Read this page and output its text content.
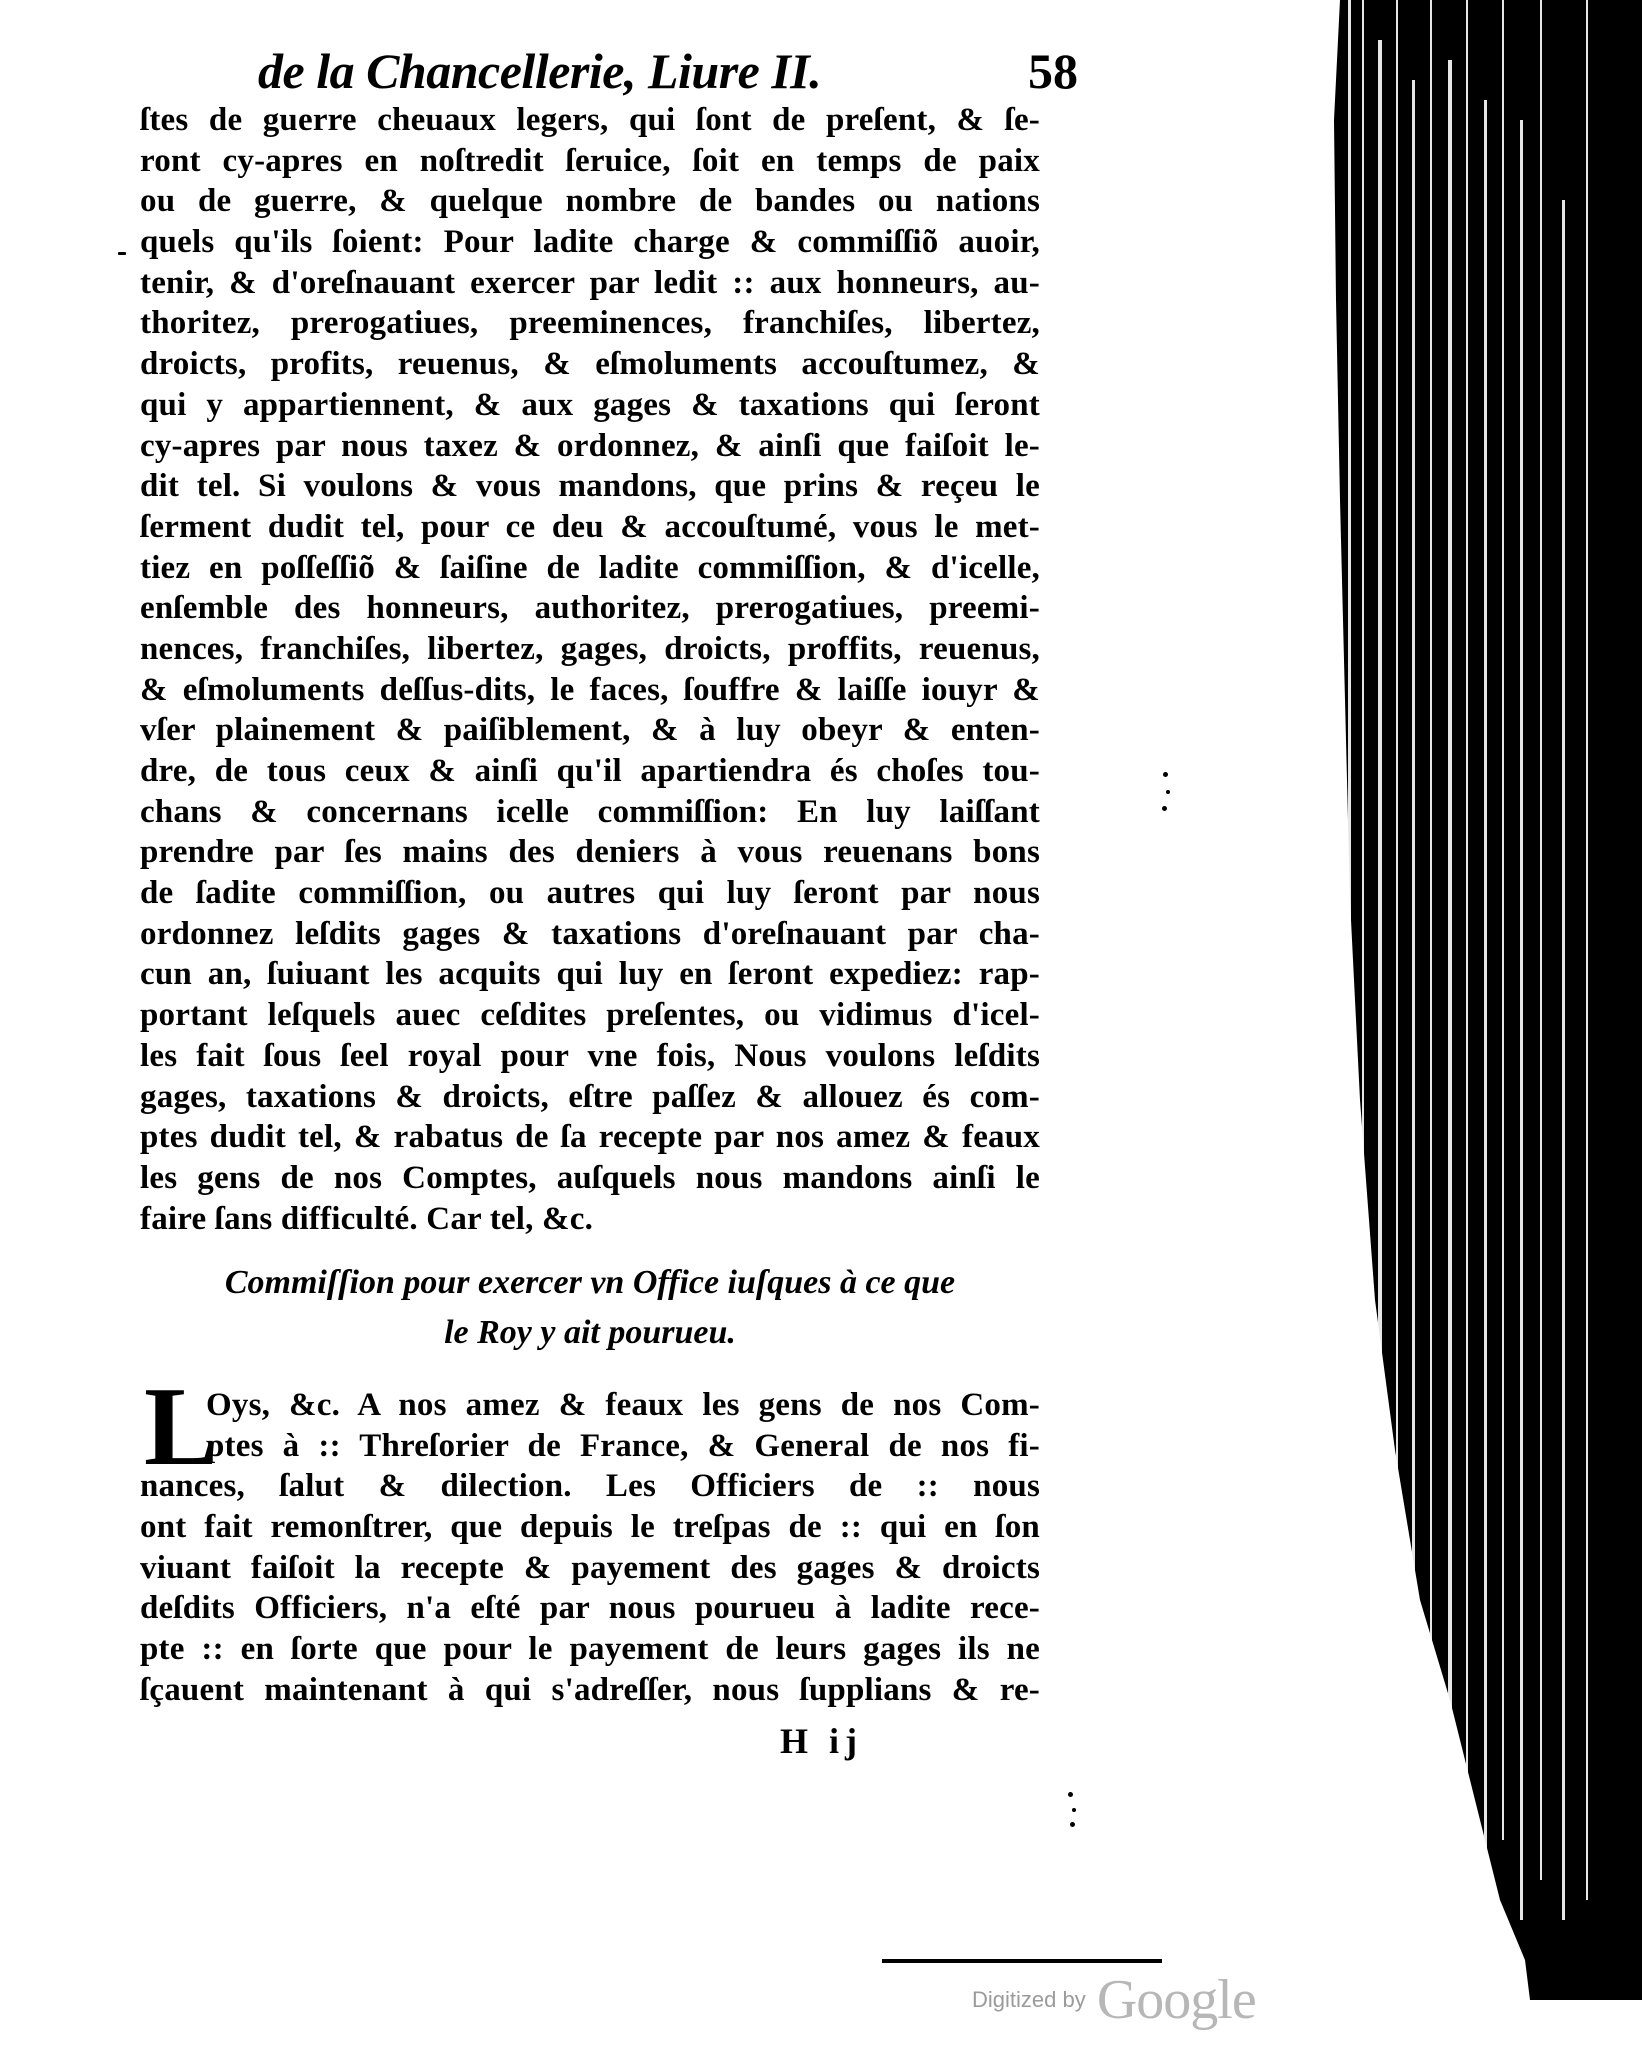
de la Chancellerie, Liure II.	58
ſtes de guerre cheuaux legers, qui ſont de preſent, & ſe-
ront cy-apres en noſtredit ſeruice, ſoit en temps de paix
ou de guerre, & quelque nombre de bandes ou nations
quels qu'ils ſoient: Pour ladite charge & commiſſiõ auoir,
tenir, & d'oreſnauant exercer par ledit :: aux honneurs, au-
thoritez, prerogatiues, preeminences, franchiſes, libertez,
droicts, profits, reuenus, & eſmoluments accouſtumez, &
qui y appartiennent, & aux gages & taxations qui ſeront
cy-apres par nous taxez & ordonnez, & ainſi que faiſoit le-
dit tel. Si voulons & vous mandons, que prins & reçeu le
ſerment dudit tel, pour ce deu & accouſtumé, vous le met-
tiez en poſſeſſiõ & ſaiſine de ladite commiſſion, & d'icelle,
enſemble des honneurs, authoritez, prerogatiues, preemi-
nences, franchiſes, libertez, gages, droicts, proffits, reuenus,
& eſmoluments deſſus-dits, le faces, ſouffre & laiſſe iouyr &
vſer plainement & paiſiblement, & à luy obeyr & enten-
dre, de tous ceux & ainſi qu'il apartiendra és choſes tou-
chans & concernans icelle commiſſion: En luy laiſſant
prendre par ſes mains des deniers à vous reuenans bons
de ſadite commiſſion, ou autres qui luy ſeront par nous
ordonnez leſdits gages & taxations d'oreſnauant par cha-
cun an, ſuiuant les acquits qui luy en ſeront expediez: rap-
portant leſquels auec ceſdites preſentes, ou vidimus d'icel-
les fait ſous ſeel royal pour vne fois, Nous voulons leſdits
gages, taxations & droicts, eſtre paſſez & allouez és com-
ptes dudit tel, & rabatus de ſa recepte par nos amez & feaux
les gens de nos Comptes, auſquels nous mandons ainſi le
faire ſans difficulté. Car tel, &c.
Commiſſion pour exercer vn Office iuſques à ce que
le Roy y ait pourueu.
L
Oys, &c. A nos amez & feaux les gens de nos Com-
ptes à :: Threſorier de France, & General de nos fi-
nances, ſalut & dilection. Les Officiers de :: nous
ont fait remonſtrer, que depuis le treſpas de :: qui en ſon
viuant faiſoit la recepte & payement des gages & droicts
deſdits Officiers, n'a eſté par nous pourueu à ladite rece-
pte :: en ſorte que pour le payement de leurs gages ils ne
ſçauent maintenant à qui s'adreſſer, nous ſupplians & re-
H ij
Digitized by Google
